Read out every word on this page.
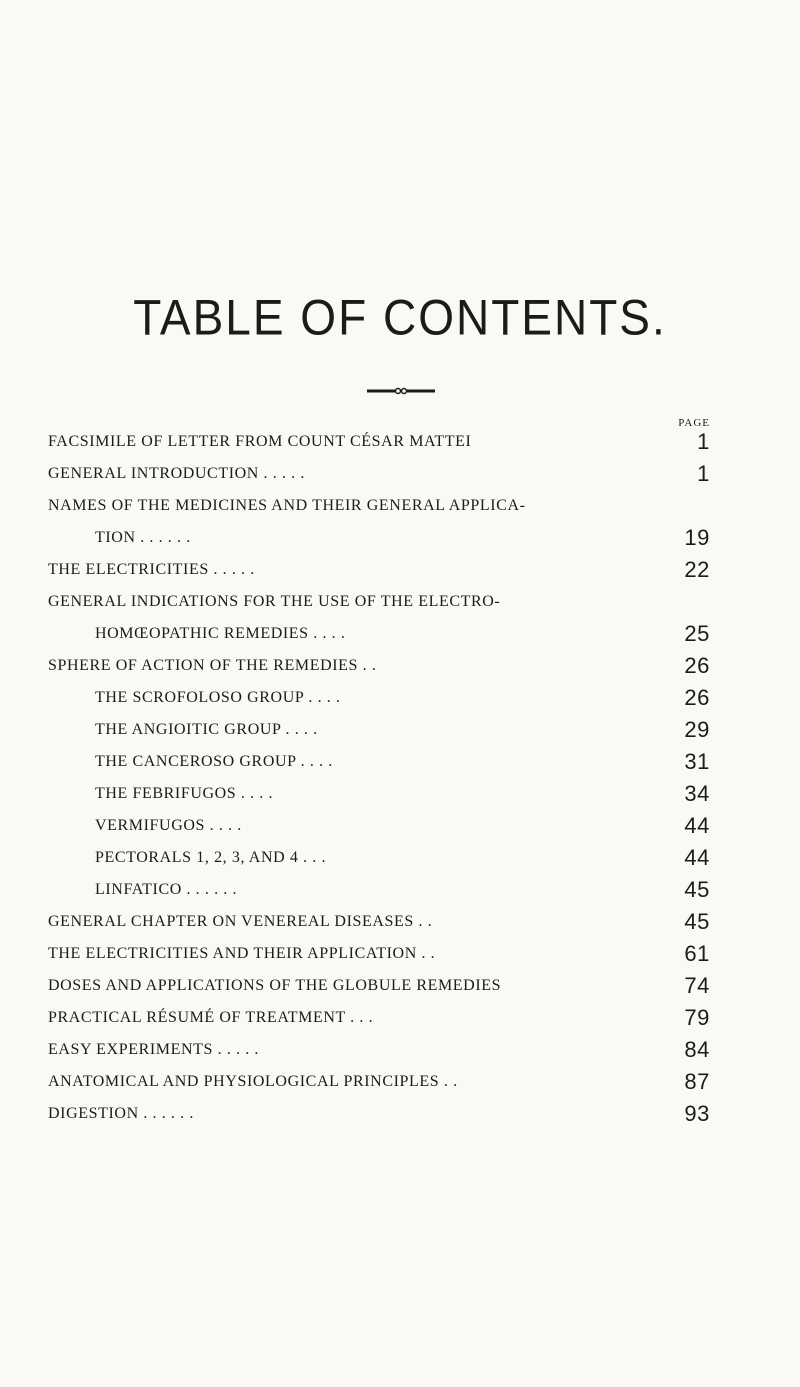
TABLE OF CONTENTS.
PAGE
FACSIMILE OF LETTER FROM COUNT CÉSAR MATTEI	1
GENERAL INTRODUCTION . . . . .	1
NAMES OF THE MEDICINES AND THEIR GENERAL APPLICA-
TION . . . . . .	19
THE ELECTRICITIES . . . . .	22
GENERAL INDICATIONS FOR THE USE OF THE ELECTRO-
HOMŒOPATHIC REMEDIES . . . .	25
SPHERE OF ACTION OF THE REMEDIES . .	26
THE SCROFOLOSO GROUP . . . .	26
THE ANGIOITIC GROUP . . . .	29
THE CANCEROSO GROUP . . . .	31
THE FEBRIFUGOS . . . .	34
VERMIFUGOS . . . .	44
PECTORALS 1, 2, 3, AND 4 . . .	44
LINFATICO . . . . . .	45
GENERAL CHAPTER ON VENEREAL DISEASES . .	45
THE ELECTRICITIES AND THEIR APPLICATION . .	61
DOSES AND APPLICATIONS OF THE GLOBULE REMEDIES	74
PRACTICAL RÉSUMÉ OF TREATMENT . . .	79
EASY EXPERIMENTS . . . . .	84
ANATOMICAL AND PHYSIOLOGICAL PRINCIPLES . .	87
DIGESTION . . . . . .	93
